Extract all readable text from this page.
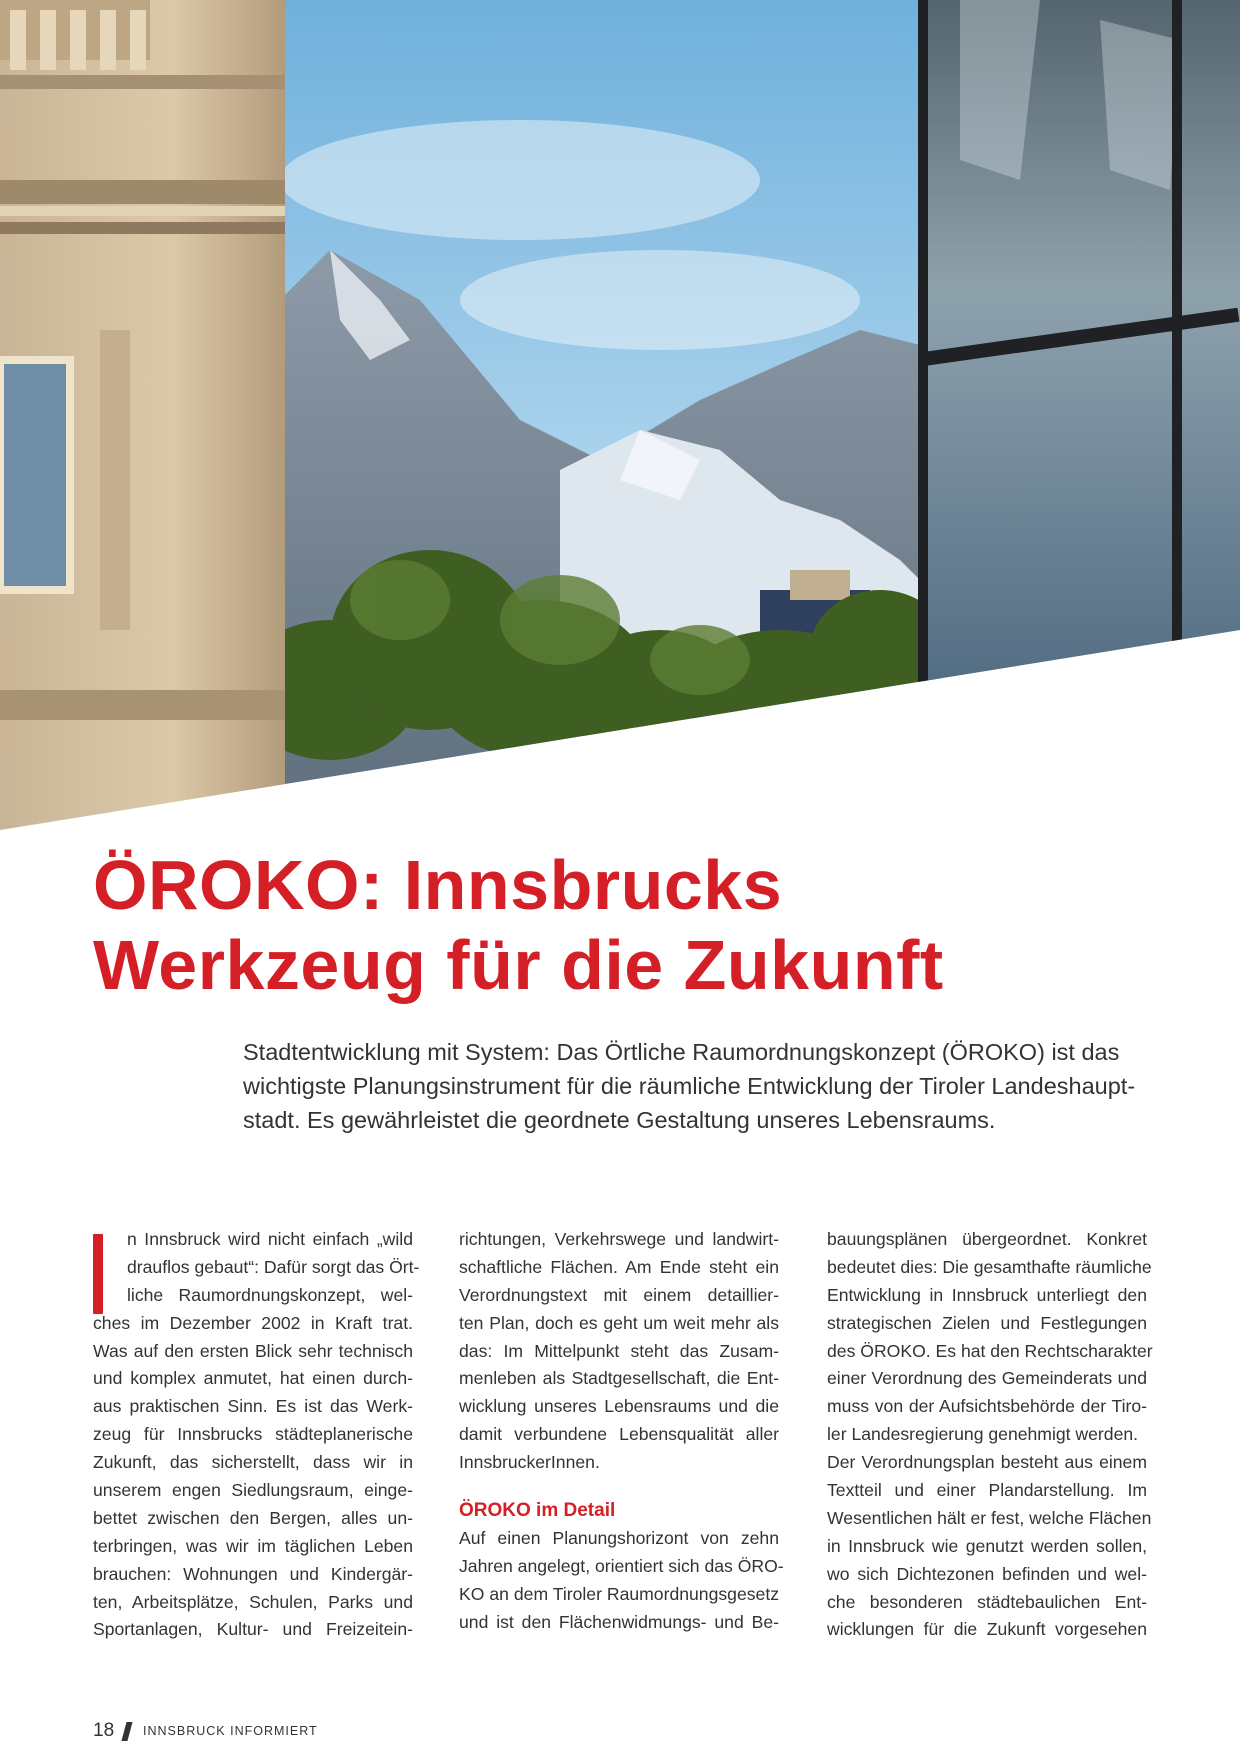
ÖROKO: Innsbrucks
Werkzeug für die Zukunft
Stadtentwicklung mit System: Das Örtliche Raumordnungskonzept (ÖROKO) ist das
wichtigste Planungsinstrument für die räumliche Entwicklung der Tiroler Landeshaupt-
stadt. Es gewährleistet die geordnete Gestaltung unseres Lebensraums.
n Innsbruck wird nicht einfach „wild
drauflos gebaut“: Dafür sorgt das Ört-
liche Raumordnungskonzept, wel-
ches im Dezember 2002 in Kraft trat.
Was auf den ersten Blick sehr technisch
und komplex anmutet, hat einen durch-
aus praktischen Sinn. Es ist das Werk-
zeug für Innsbrucks städteplanerische
Zukunft, das sicherstellt, dass wir in
unserem engen Siedlungsraum, einge-
bettet zwischen den Bergen, alles un-
terbringen, was wir im täglichen Leben
brauchen: Wohnungen und Kindergär-
ten, Arbeitsplätze, Schulen, Parks und
Sportanlagen, Kultur- und Freizeitein-
richtungen, Verkehrswege und landwirt-
schaftliche Flächen. Am Ende steht ein
Verordnungstext mit einem detaillier-
ten Plan, doch es geht um weit mehr als
das: Im Mittelpunkt steht das Zusam-
menleben als Stadtgesellschaft, die Ent-
wicklung unseres Lebensraums und die
damit verbundene Lebensqualität aller
InnsbruckerInnen.
ÖROKO im Detail
Auf einen Planungshorizont von zehn
Jahren angelegt, orientiert sich das ÖRO-
KO an dem Tiroler Raumordnungsgesetz
und ist den Flächenwidmungs- und Be-
bauungsplänen übergeordnet. Konkret
bedeutet dies: Die gesamthafte räumliche
Entwicklung in Innsbruck unterliegt den
strategischen Zielen und Festlegungen
des ÖROKO. Es hat den Rechtscharakter
einer Verordnung des Gemeinderats und
muss von der Aufsichtsbehörde der Tiro-
ler Landesregierung genehmigt werden.
Der Verordnungsplan besteht aus einem
Textteil und einer Plandarstellung. Im
Wesentlichen hält er fest, welche Flächen
in Innsbruck wie genutzt werden sollen,
wo sich Dichtezonen befinden und wel-
che besonderen städtebaulichen Ent-
wicklungen für die Zukunft vorgesehen
18 INNSBRUCK INFORMIERT
